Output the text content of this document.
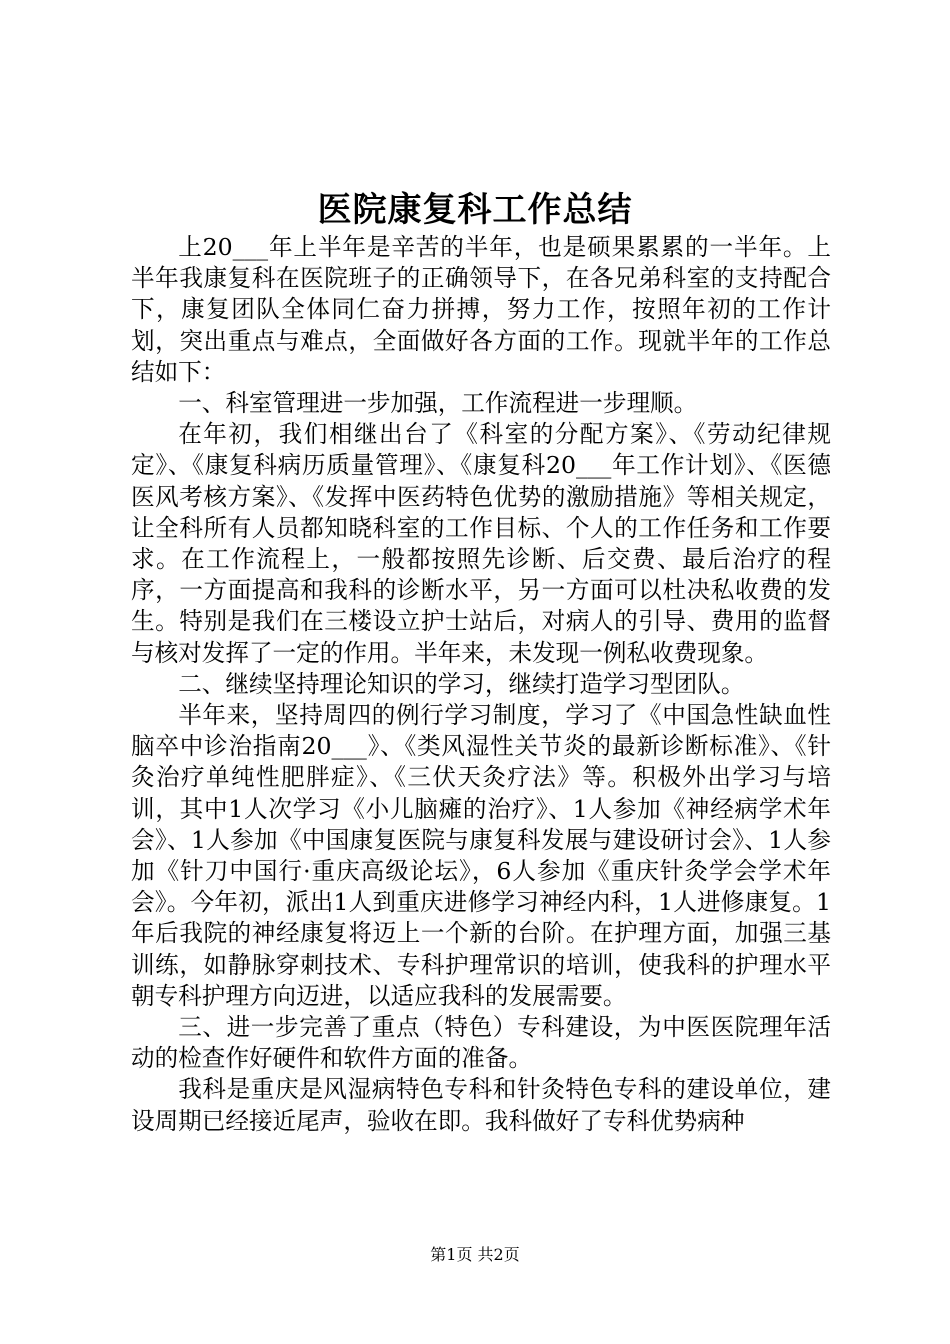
医院康复科工作总结

上20___年上半年是辛苦的半年，也是硕果累累的一半年。上半年我康复科在医院班子的正确领导下，在各兄弟科室的支持配合下，康复团队全体同仁奋力拼搏，努力工作，按照年初的工作计划，突出重点与难点，全面做好各方面的工作。现就半年的工作总结如下：

一、科室管理进一步加强，工作流程进一步理顺。

在年初，我们相继出台了《科室的分配方案》、《劳动纪律规定》、《康复科病历质量管理》、《康复科20___年工作计划》、《医德医风考核方案》、《发挥中医药特色优势的激励措施》等相关规定，让全科所有人员都知晓科室的工作目标、个人的工作任务和工作要求。在工作流程上，一般都按照先诊断、后交费、最后治疗的程序，一方面提高和我科的诊断水平，另一方面可以杜决私收费的发生。特别是我们在三楼设立护士站后，对病人的引导、费用的监督与核对发挥了一定的作用。半年来，未发现一例私收费现象。

二、继续坚持理论知识的学习，继续打造学习型团队。

半年来，坚持周四的例行学习制度，学习了《中国急性缺血性脑卒中诊治指南20___》、《类风湿性关节炎的最新诊断标准》、《针灸治疗单纯性肥胖症》、《三伏天灸疗法》等。积极外出学习与培训，其中1人次学习《小儿脑瘫的治疗》、1人参加《神经病学术年会》、1人参加《中国康复医院与康复科发展与建设研讨会》、1人参加《针刀中国行·重庆高级论坛》，6人参加《重庆针灸学会学术年会》。今年初，派出1人到重庆进修学习神经内科，1人进修康复。1年后我院的神经康复将迈上一个新的台阶。在护理方面，加强三基训练，如静脉穿刺技术、专科护理常识的培训，使我科的护理水平朝专科护理方向迈进，以适应我科的发展需要。

三、进一步完善了重点（特色）专科建设，为中医医院理年活动的检查作好硬件和软件方面的准备。

我科是重庆是风湿病特色专科和针灸特色专科的建设单位，建设周期已经接近尾声，验收在即。我科做好了专科优势病种

第1页 共2页
